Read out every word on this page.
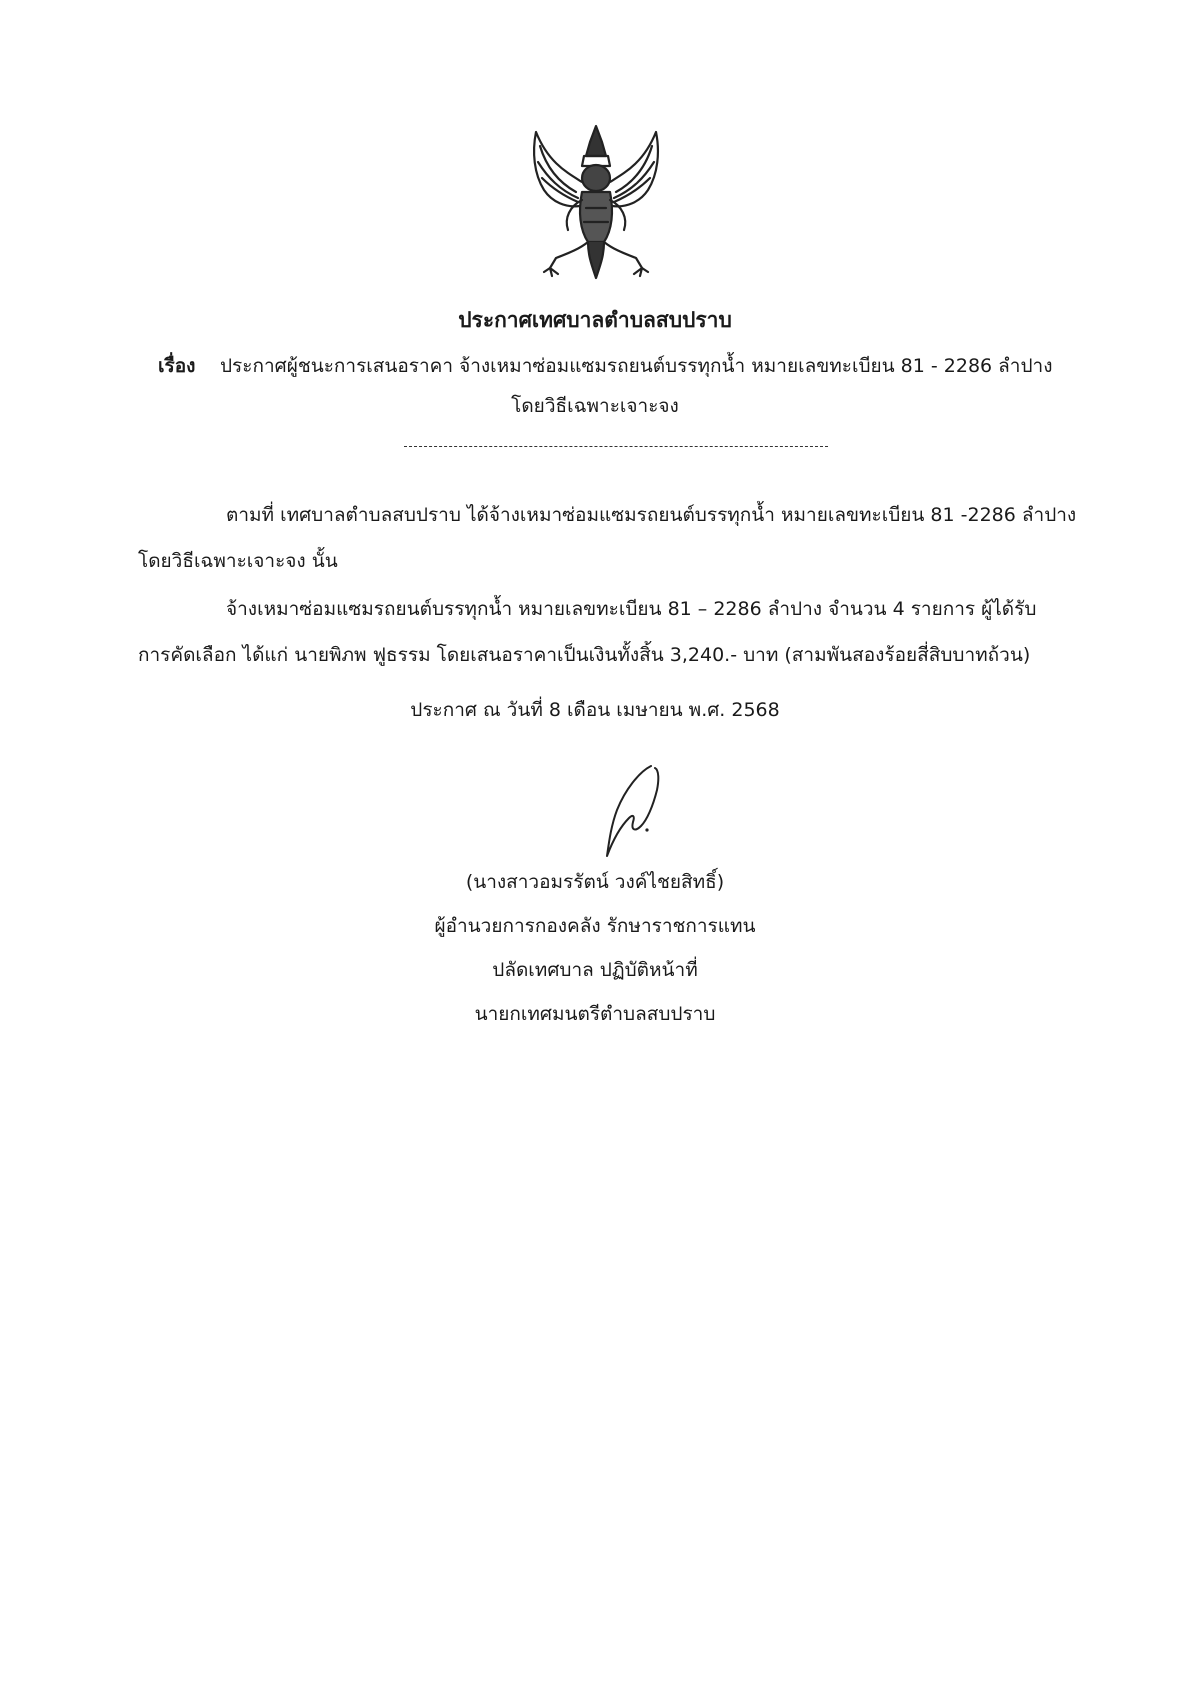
ประกาศเทศบาลตำบลสบปราบ
เรื่อง ประกาศผู้ชนะการเสนอราคา จ้างเหมาซ่อมแซมรถยนต์บรรทุกน้ำ หมายเลขทะเบียน 81 - 2286 ลำปาง
โดยวิธีเฉพาะเจาะจง
ตามที่ เทศบาลตำบลสบปราบ ได้จ้างเหมาซ่อมแซมรถยนต์บรรทุกน้ำ หมายเลขทะเบียน 81 -2286 ลำปาง
โดยวิธีเฉพาะเจาะจง นั้น
จ้างเหมาซ่อมแซมรถยนต์บรรทุกน้ำ หมายเลขทะเบียน 81 – 2286 ลำปาง จำนวน 4 รายการ ผู้ได้รับ
การคัดเลือก ได้แก่ นายพิภพ ฟูธรรม โดยเสนอราคาเป็นเงินทั้งสิ้น 3,240.- บาท (สามพันสองร้อยสี่สิบบาทถ้วน)
ประกาศ ณ วันที่ 8 เดือน เมษายน พ.ศ. 2568
(นางสาวอมรรัตน์ วงค์ไชยสิทธิ์)
ผู้อำนวยการกองคลัง รักษาราชการแทน
ปลัดเทศบาล ปฏิบัติหน้าที่
นายกเทศมนตรีตำบลสบปราบ
